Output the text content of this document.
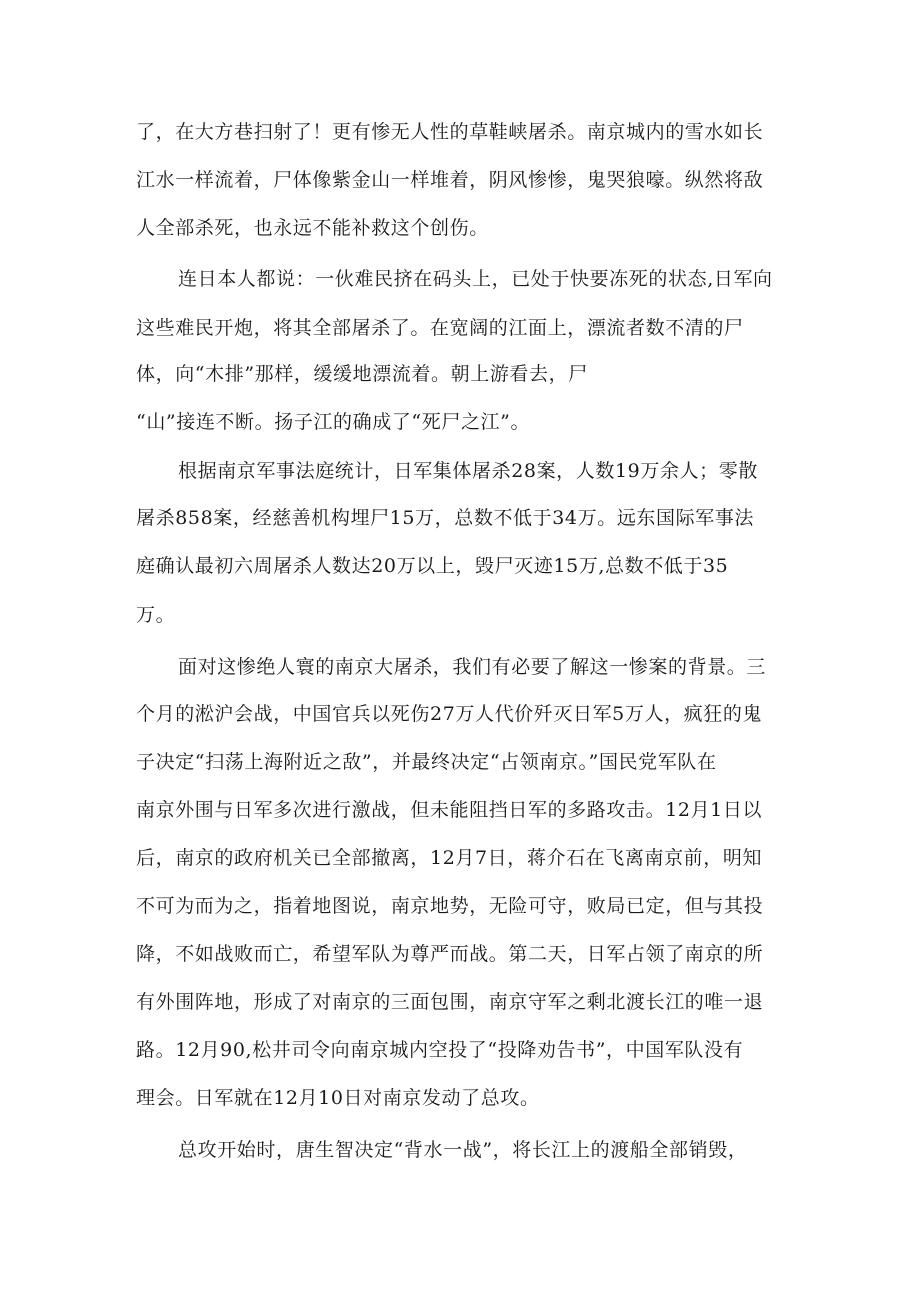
了，在大方巷扫射了！更有惨无人性的草鞋峡屠杀。南京城内的雪水如长
江水一样流着，尸体像紫金山一样堆着，阴风惨惨，鬼哭狼嚎。纵然将敌
人全部杀死，也永远不能补救这个创伤。
连日本人都说：一伙难民挤在码头上，已处于快要冻死的状态,日军向
这些难民开炮，将其全部屠杀了。在宽阔的江面上，漂流者数不清的尸
体，向“木排”那样，缓缓地漂流着。朝上游看去，尸
“山”接连不断。扬子江的确成了“死尸之江”。
根据南京军事法庭统计，日军集体屠杀28案，人数19万余人；零散
屠杀858案，经慈善机构埋尸15万，总数不低于34万。远东国际军事法
庭确认最初六周屠杀人数达20万以上，毁尸灭迹15万,总数不低于35
万。
面对这惨绝人寰的南京大屠杀，我们有必要了解这一惨案的背景。三
个月的淞沪会战，中国官兵以死伤27万人代价歼灭日军5万人，疯狂的鬼
子决定“扫荡上海附近之敌”，并最终决定“占领南京。”国民党军队在
南京外围与日军多次进行激战，但未能阻挡日军的多路攻击。12月1日以
后，南京的政府机关已全部撤离，12月7日，蒋介石在飞离南京前，明知
不可为而为之，指着地图说，南京地势，无险可守，败局已定，但与其投
降，不如战败而亡，希望军队为尊严而战。第二天，日军占领了南京的所
有外围阵地，形成了对南京的三面包围，南京守军之剩北渡长江的唯一退
路。12月90,松井司令向南京城内空投了“投降劝告书”，中国军队没有
理会。日军就在12月10日对南京发动了总攻。
总攻开始时，唐生智决定“背水一战”，将长江上的渡船全部销毁，
